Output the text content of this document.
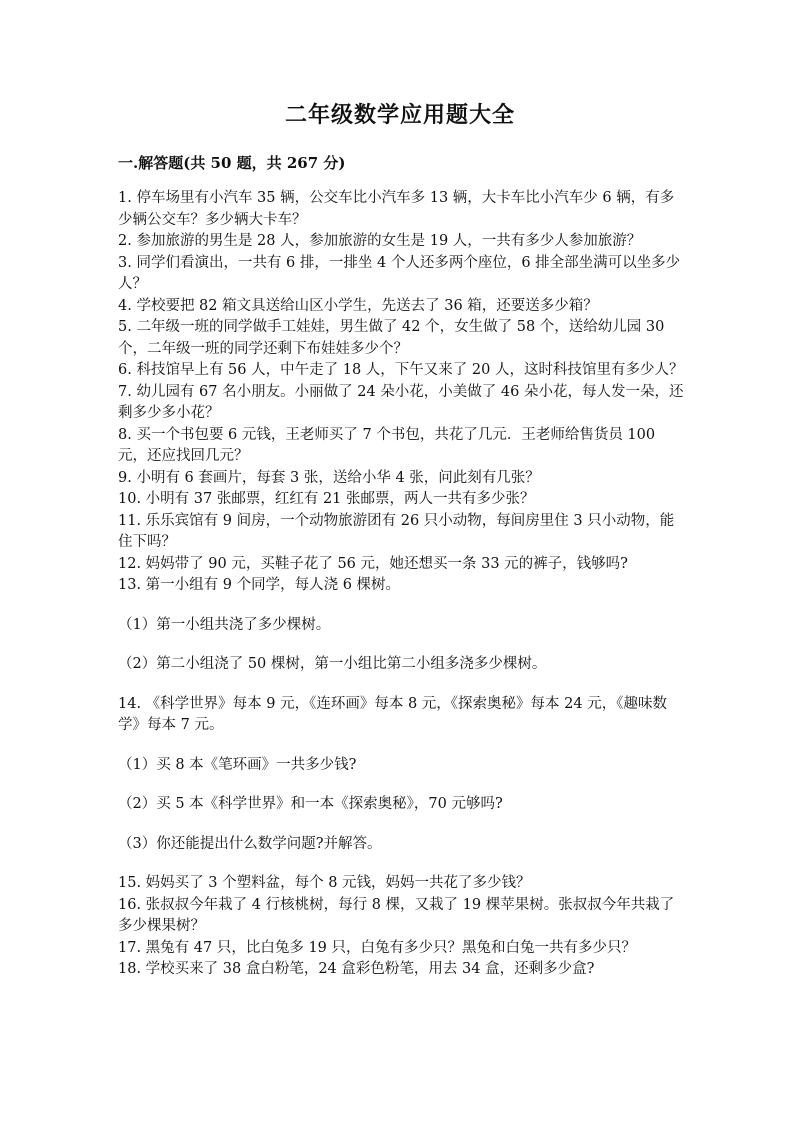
二年级数学应用题大全
一.解答题(共 50 题，共 267 分)

1. 停车场里有小汽车 35 辆，公交车比小汽车多 13 辆，大卡车比小汽车少 6 辆，有多少辆公交车？多少辆大卡车？

2. 参加旅游的男生是 28 人，参加旅游的女生是 19 人，一共有多少人参加旅游？

3. 同学们看演出，一共有 6 排，一排坐 4 个人还多两个座位，6 排全部坐满可以坐多少人？

4. 学校要把 82 箱文具送给山区小学生，先送去了 36 箱，还要送多少箱？

5. 二年级一班的同学做手工娃娃，男生做了 42 个，女生做了 58 个，送给幼儿园 30 个，二年级一班的同学还剩下布娃娃多少个？

6. 科技馆早上有 56 人，中午走了 18 人，下午又来了 20 人，这时科技馆里有多少人？

7. 幼儿园有 67 名小朋友。小丽做了 24 朵小花，小美做了 46 朵小花，每人发一朵，还剩多少多小花？

8. 买一个书包要 6 元钱，王老师买了 7 个书包，共花了几元．王老师给售货员 100 元，还应找回几元？

9. 小明有 6 套画片，每套 3 张，送给小华 4 张，问此刻有几张？

10. 小明有 37 张邮票，红红有 21 张邮票，两人一共有多少张？

11. 乐乐宾馆有 9 间房，一个动物旅游团有 26 只小动物，每间房里住 3 只小动物，能住下吗？

12. 妈妈带了 90 元，买鞋子花了 56 元，她还想买一条 33 元的裤子，钱够吗?

13. 第一小组有 9 个同学，每人浇 6 棵树。

（1）第一小组共浇了多少棵树。

（2）第二小组浇了 50 棵树，第一小组比第二小组多浇多少棵树。

14. 《科学世界》每本 9 元，《连环画》每本 8 元，《探索奥秘》每本 24 元，《趣味数学》每本 7 元。

（1）买 8 本《笔环画》一共多少钱?

（2）买 5 本《科学世界》和一本《探索奥秘》，70 元够吗?

（3）你还能提出什么数学问题?并解答。

15. 妈妈买了 3 个塑料盆，每个 8 元钱，妈妈一共花了多少钱？

16. 张叔叔今年栽了 4 行核桃树，每行 8 棵，又栽了 19 棵苹果树。张叔叔今年共栽了多少棵果树？

17. 黑兔有 47 只，比白兔多 19 只，白兔有多少只？黑兔和白兔一共有多少只？

18. 学校买来了 38 盒白粉笔，24 盒彩色粉笔，用去 34 盒，还剩多少盒?
